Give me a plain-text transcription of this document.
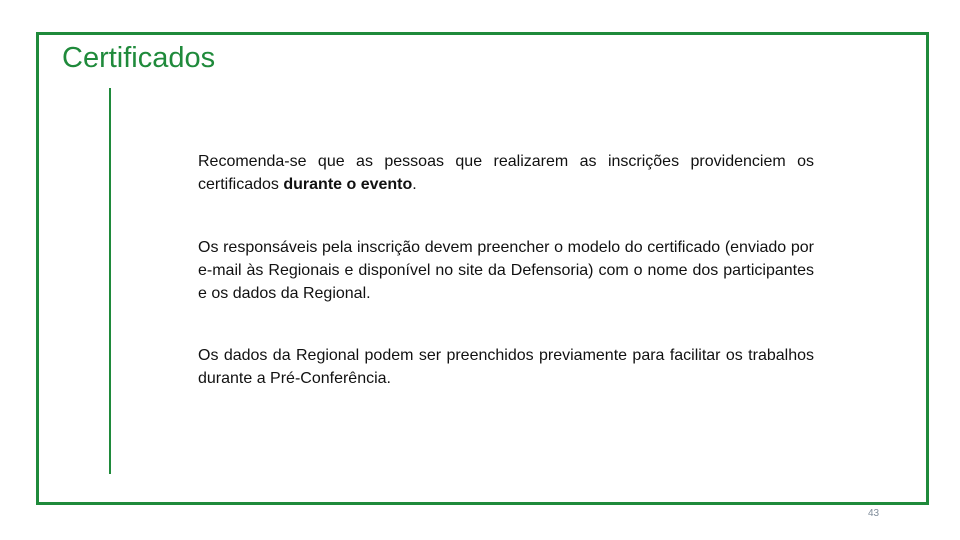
Certificados

Recomenda-se que as pessoas que realizarem as inscrições providenciem os certificados durante o evento.

Os responsáveis pela inscrição devem preencher o modelo do certificado (enviado por e-mail às Regionais e disponível no site da Defensoria) com o nome dos participantes e os dados da Regional.

Os dados da Regional podem ser preenchidos previamente para facilitar os trabalhos durante a Pré-Conferência.

43
